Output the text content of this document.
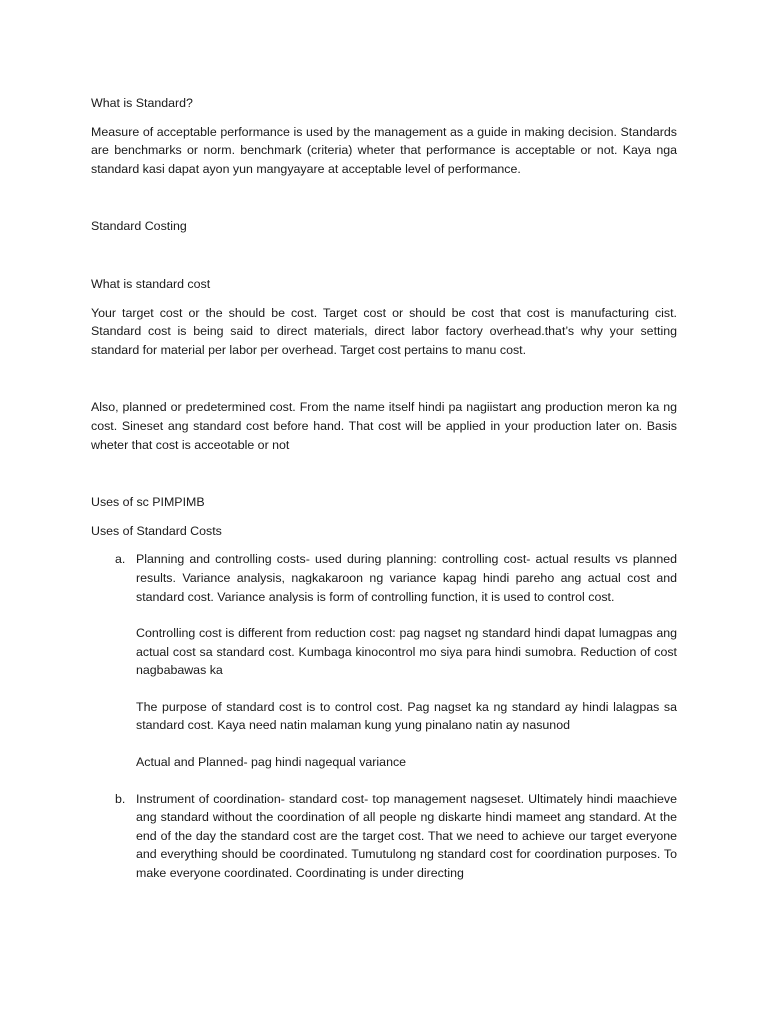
What is Standard?

Measure of acceptable performance is used by the management as a guide in making decision. Standards are benchmarks or norm. benchmark (criteria) wheter that performance is acceptable or not. Kaya nga standard kasi dapat ayon yun mangyayare at acceptable level of performance.

Standard Costing

What is standard cost

Your target cost or the should be cost. Target cost or should be cost that cost is manufacturing cist. Standard cost is being said to direct materials, direct labor factory overhead.that’s why your setting standard for material per labor per overhead. Target cost pertains to manu cost.

Also, planned or predetermined cost. From the name itself hindi pa nagiistart ang production meron ka ng cost. Sineset ang standard cost before hand. That cost will be applied in your production later on. Basis wheter that cost is acceotable or not

Uses of sc PIMPIMB

Uses of Standard Costs

a. Planning and controlling costs- used during planning: controlling cost- actual results vs planned results. Variance analysis, nagkakaroon ng variance kapag hindi pareho ang actual cost and standard cost. Variance analysis is form of controlling function, it is used to control cost.

Controlling cost is different from reduction cost: pag nagset ng standard hindi dapat lumagpas ang actual cost sa standard cost. Kumbaga kinocontrol mo siya para hindi sumobra. Reduction of cost nagbabawas ka

The purpose of standard cost is to control cost. Pag nagset ka ng standard ay hindi lalagpas sa standard cost. Kaya need natin malaman kung yung pinalano natin ay nasunod

Actual and Planned- pag hindi nagequal variance

b. Instrument of coordination- standard cost- top management nagseset. Ultimately hindi maachieve ang standard without the coordination of all people ng diskarte hindi mameet ang standard. At the end of the day the standard cost are the target cost. That we need to achieve our target everyone and everything should be coordinated. Tumutulong ng standard cost for coordination purposes. To make everyone coordinated. Coordinating is under directing
